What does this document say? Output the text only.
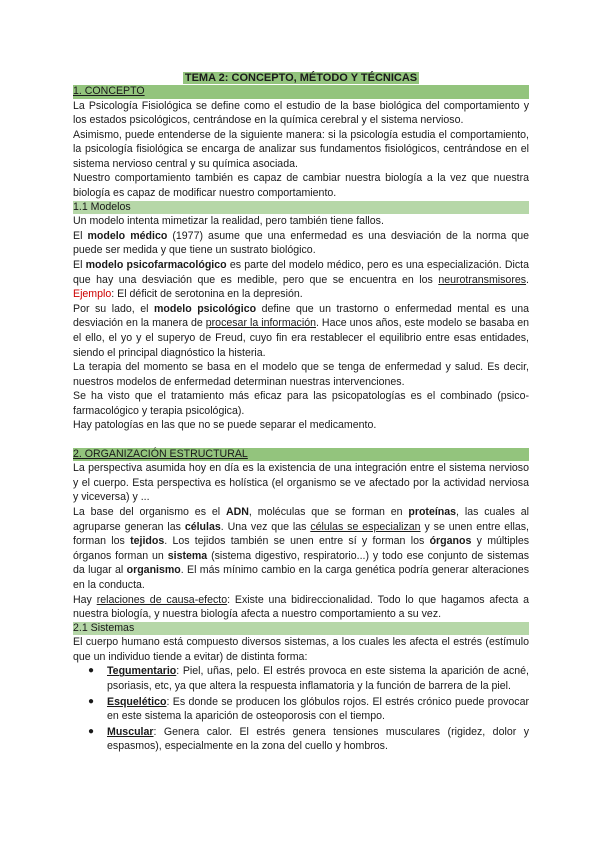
TEMA 2: CONCEPTO, MÉTODO Y TÉCNICAS
1. CONCEPTO

La Psicología Fisiológica se define como el estudio de la base biológica del comportamiento y los estados psicológicos, centrándose en la química cerebral y el sistema nervioso.

Asimismo, puede entenderse de la siguiente manera: si la psicología estudia el comportamiento, la psicología fisiológica se encarga de analizar sus fundamentos fisiológicos, centrándose en el sistema nervioso central y su química asociada.

Nuestro comportamiento también es capaz de cambiar nuestra biología a la vez que nuestra biología es capaz de modificar nuestro comportamiento.

1.1 Modelos

Un modelo intenta mimetizar la realidad, pero también tiene fallos.

El modelo médico (1977) asume que una enfermedad es una desviación de la norma que puede ser medida y que tiene un sustrato biológico.

El modelo psicofarmacológico es parte del modelo médico, pero es una especialización. Dicta que hay una desviación que es medible, pero que se encuentra en los neurotransmisores. Ejemplo: El déficit de serotonina en la depresión.

Por su lado, el modelo psicológico define que un trastorno o enfermedad mental es una desviación en la manera de procesar la información. Hace unos años, este modelo se basaba en el ello, el yo y el superyo de Freud, cuyo fin era restablecer el equilibrio entre esas entidades, siendo el principal diagnóstico la histeria.

La terapia del momento se basa en el modelo que se tenga de enfermedad y salud. Es decir, nuestros modelos de enfermedad determinan nuestras intervenciones.

Se ha visto que el tratamiento más eficaz para las psicopatologías es el combinado (psico-farmacológico y terapia psicológica).

Hay patologías en las que no se puede separar el medicamento.

2. ORGANIZACIÓN ESTRUCTURAL

La perspectiva asumida hoy en día es la existencia de una integración entre el sistema nervioso y el cuerpo. Esta perspectiva es holística (el organismo se ve afectado por la actividad nerviosa y viceversa) y ...

La base del organismo es el ADN, moléculas que se forman en proteínas, las cuales al agruparse generan las células. Una vez que las células se especializan y se unen entre ellas, forman los tejidos. Los tejidos también se unen entre sí y forman los órganos y múltiples órganos forman un sistema (sistema digestivo, respiratorio...) y todo ese conjunto de sistemas da lugar al organismo. El más mínimo cambio en la carga genética podría generar alteraciones en la conducta.

Hay relaciones de causa-efecto: Existe una bidireccionalidad. Todo lo que hagamos afecta a nuestra biología, y nuestra biología afecta a nuestro comportamiento a su vez.

2.1 Sistemas

El cuerpo humano está compuesto diversos sistemas, a los cuales les afecta el estrés (estímulo que un individuo tiende a evitar) de distinta forma:

● Tegumentario: Piel, uñas, pelo. El estrés provoca en este sistema la aparición de acné, psoriasis, etc, ya que altera la respuesta inflamatoria y la función de barrera de la piel.
● Esquelético: Es donde se producen los glóbulos rojos. El estrés crónico puede provocar en este sistema la aparición de osteoporosis con el tiempo.
● Muscular: Genera calor. El estrés genera tensiones musculares (rigidez, dolor y espasmos), especialmente en la zona del cuello y hombros.
